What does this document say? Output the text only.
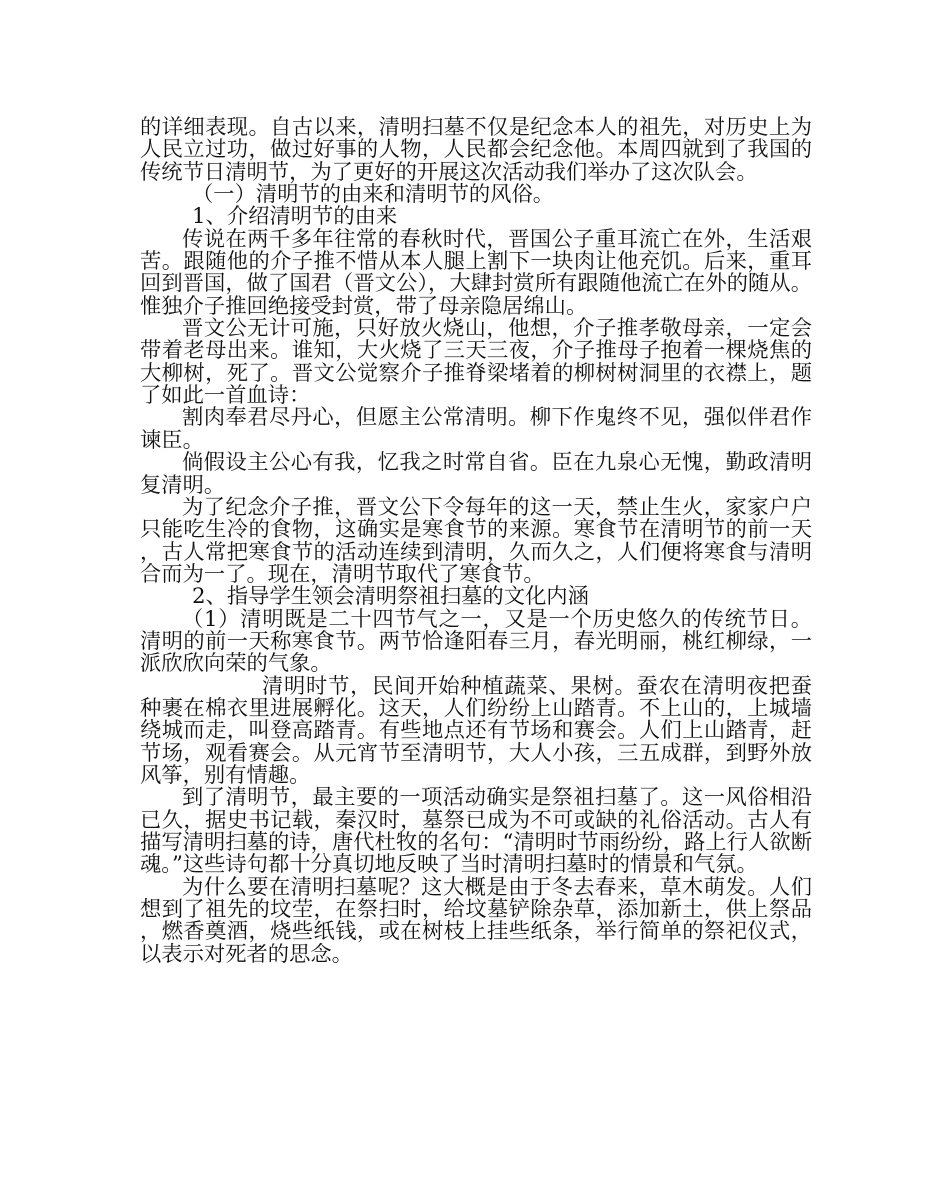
的详细表现。自古以来，清明扫墓不仅是纪念本人的祖先，对历史上为人民立过功，做过好事的人物，人民都会纪念他。本周四就到了我国的传统节日清明节，为了更好的开展这次活动我们举办了这次队会。

（一）清明节的由来和清明节的风俗。

1、介绍清明节的由来

传说在两千多年往常的春秋时代，晋国公子重耳流亡在外，生活艰苦。跟随他的介子推不惜从本人腿上割下一块肉让他充饥。后来，重耳回到晋国，做了国君（晋文公），大肆封赏所有跟随他流亡在外的随从。惟独介子推回绝接受封赏，带了母亲隐居绵山。

晋文公无计可施，只好放火烧山，他想，介子推孝敬母亲，一定会带着老母出来。谁知，大火烧了三天三夜，介子推母子抱着一棵烧焦的大柳树，死了。晋文公觉察介子推脊梁堵着的柳树树洞里的衣襟上，题了如此一首血诗：

割肉奉君尽丹心，但愿主公常清明。柳下作鬼终不见，强似伴君作谏臣。

倘假设主公心有我，忆我之时常自省。臣在九泉心无愧，勤政清明复清明。

为了纪念介子推，晋文公下令每年的这一天，禁止生火，家家户户只能吃生冷的食物，这确实是寒食节的来源。寒食节在清明节的前一天，古人常把寒食节的活动连续到清明，久而久之，人们便将寒食与清明合而为一了。现在，清明节取代了寒食节。

2、指导学生领会清明祭祖扫墓的文化内涵

（1）清明既是二十四节气之一，又是一个历史悠久的传统节日。清明的前一天称寒食节。两节恰逢阳春三月，春光明丽，桃红柳绿，一派欣欣向荣的气象。

清明时节，民间开始种植蔬菜、果树。蚕农在清明夜把蚕种裹在棉衣里进展孵化。这天，人们纷纷上山踏青。不上山的，上城墙绕城而走，叫登高踏青。有些地点还有节场和赛会。人们上山踏青，赶节场，观看赛会。从元宵节至清明节，大人小孩，三五成群，到野外放风筝，别有情趣。

到了清明节，最主要的一项活动确实是祭祖扫墓了。这一风俗相沿已久，据史书记载，秦汉时，墓祭已成为不可或缺的礼俗活动。古人有描写清明扫墓的诗，唐代杜牧的名句：“清明时节雨纷纷，路上行人欲断魂。”这些诗句都十分真切地反映了当时清明扫墓时的情景和气氛。

为什么要在清明扫墓呢？这大概是由于冬去春来，草木萌发。人们想到了祖先的坟茔，在祭扫时，给坟墓铲除杂草，添加新土，供上祭品，燃香奠酒，烧些纸钱，或在树枝上挂些纸条，举行简单的祭祀仪式，以表示对死者的思念。
